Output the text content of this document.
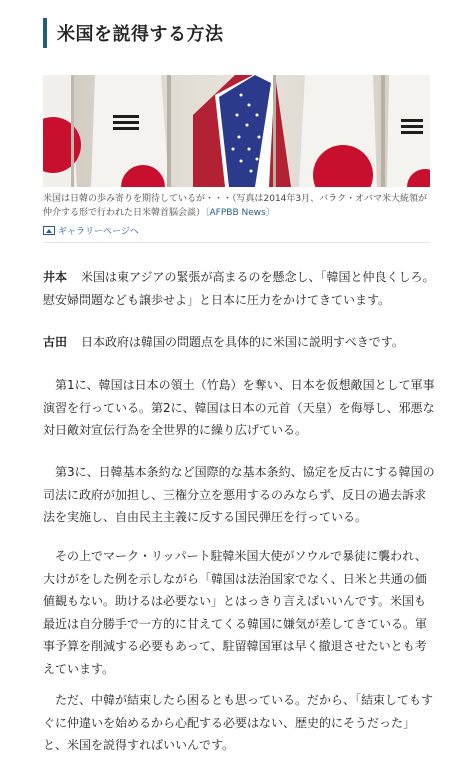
米国を説得する方法
米国は日韓の歩み寄りを期待しているが・・・（写真は2014年3月、バラク・オバマ米大統領が仲介する形で行われた日米韓首脳会談）〔AFPBB News〕
ギャラリーページへ

井本 米国は東アジアの緊張が高まるのを懸念し、「韓国と仲良くしろ。慰安婦問題なども譲歩せよ」と日本に圧力をかけてきています。

古田 日本政府は韓国の問題点を具体的に米国に説明すべきです。

第1に、韓国は日本の領土（竹島）を奪い、日本を仮想敵国として軍事演習を行っている。第2に、韓国は日本の元首（天皇）を侮辱し、邪悪な対日敵対宣伝行為を全世界的に繰り広げている。

第3に、日韓基本条約など国際的な基本条約、協定を反古にする韓国の司法に政府が加担し、三権分立を悪用するのみならず、反日の過去訴求法を実施し、自由民主主義に反する国民弾圧を行っている。

その上でマーク・リッパート駐韓米国大使がソウルで暴徒に襲われ、大けがをした例を示しながら「韓国は法治国家でなく、日米と共通の価値観もない。助けるは必要ない」とはっきり言えばいいんです。米国も最近は自分勝手で一方的に甘えてくる韓国に嫌気が差してきている。軍事予算を削減する必要もあって、駐留韓国軍は早く撤退させたいとも考えています。

ただ、中韓が結束したら困るとも思っている。だから、「結束してもすぐに仲違いを始めるから心配する必要はない、歴史的にそうだった」と、米国を説得すればいいんです。
